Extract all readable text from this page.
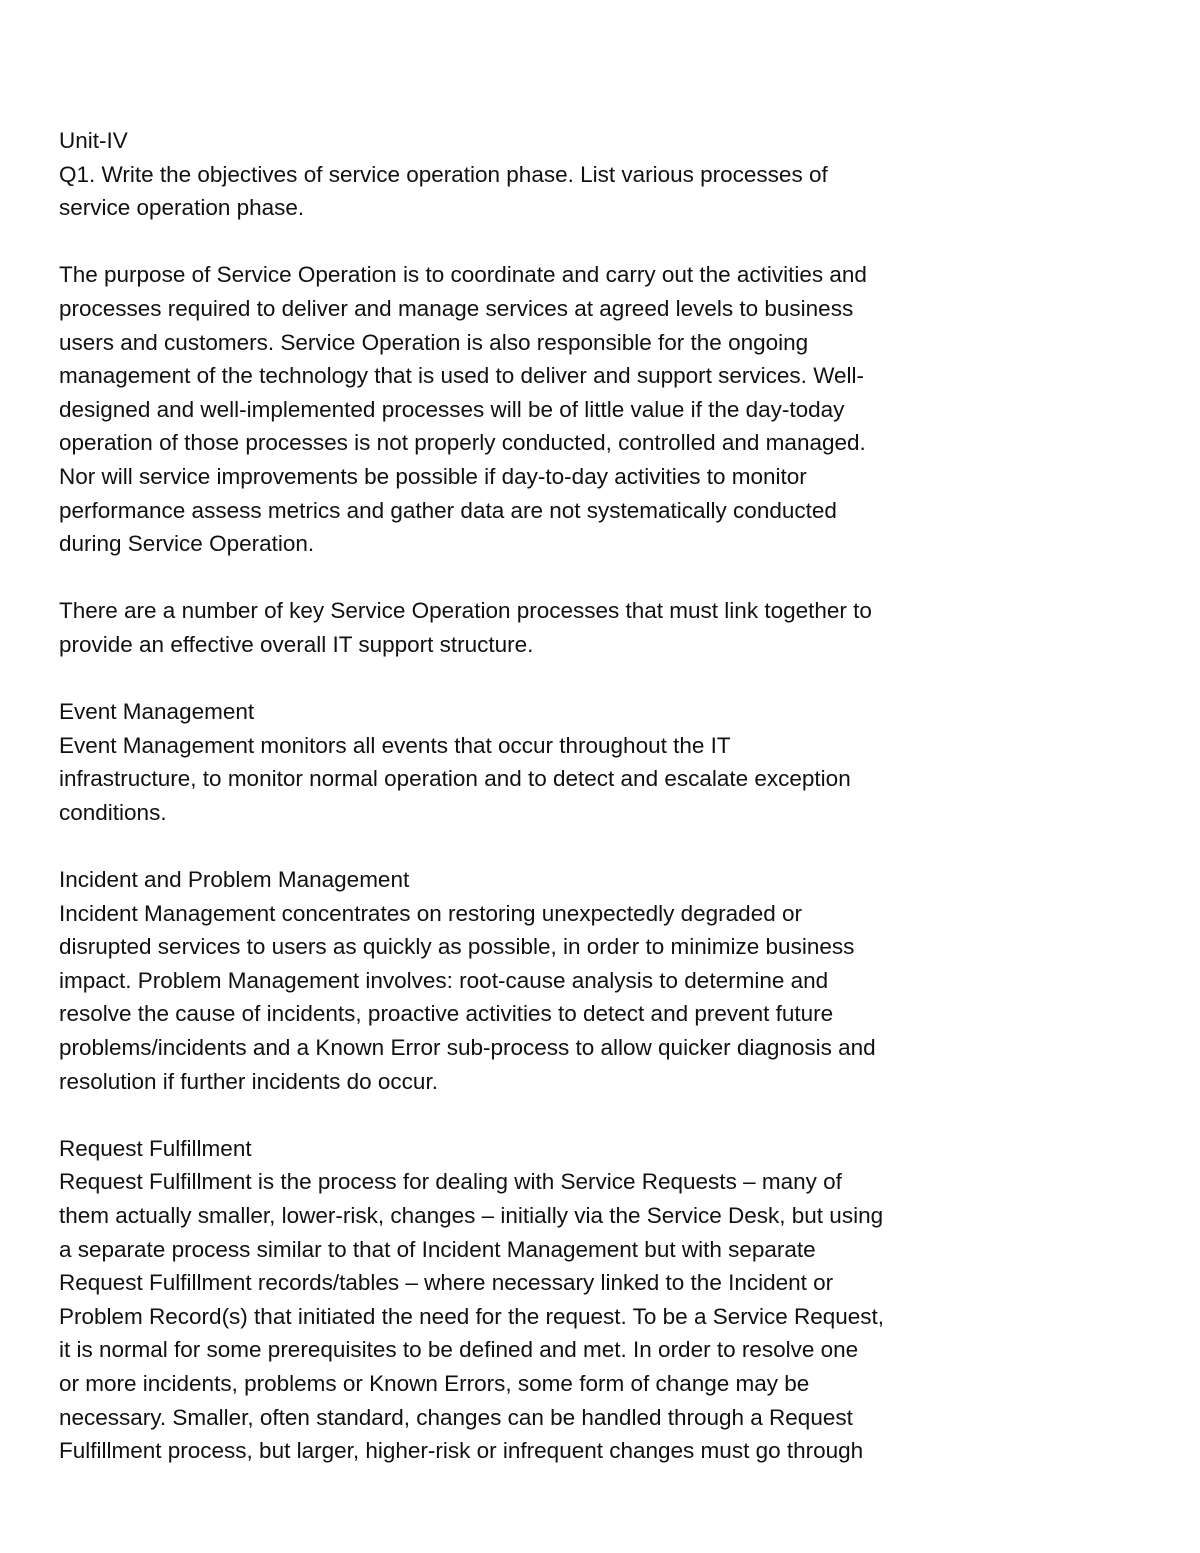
Unit-IV
Q1. Write the objectives of service operation phase. List various processes of
service operation phase.
The purpose of Service Operation is to coordinate and carry out the activities and
processes required to deliver and manage services at agreed levels to business
users and customers. Service Operation is also responsible for the ongoing
management of the technology that is used to deliver and support services. Well-
designed and well-implemented processes will be of little value if the day-today
operation of those processes is not properly conducted, controlled and managed.
Nor will service improvements be possible if day-to-day activities to monitor
performance assess metrics and gather data are not systematically conducted
during Service Operation.
There are a number of key Service Operation processes that must link together to
provide an effective overall IT support structure.
Event Management
Event Management monitors all events that occur throughout the IT
infrastructure, to monitor normal operation and to detect and escalate exception
conditions.
Incident and Problem Management
Incident Management concentrates on restoring unexpectedly degraded or
disrupted services to users as quickly as possible, in order to minimize business
impact. Problem Management involves: root-cause analysis to determine and
resolve the cause of incidents, proactive activities to detect and prevent future
problems/incidents and a Known Error sub-process to allow quicker diagnosis and
resolution if further incidents do occur.
Request Fulfillment
Request Fulfillment is the process for dealing with Service Requests – many of
them actually smaller, lower-risk, changes – initially via the Service Desk, but using
a separate process similar to that of Incident Management but with separate
Request Fulfillment records/tables – where necessary linked to the Incident or
Problem Record(s) that initiated the need for the request. To be a Service Request,
it is normal for some prerequisites to be defined and met. In order to resolve one
or more incidents, problems or Known Errors, some form of change may be
necessary. Smaller, often standard, changes can be handled through a Request
Fulfillment process, but larger, higher-risk or infrequent changes must go through
